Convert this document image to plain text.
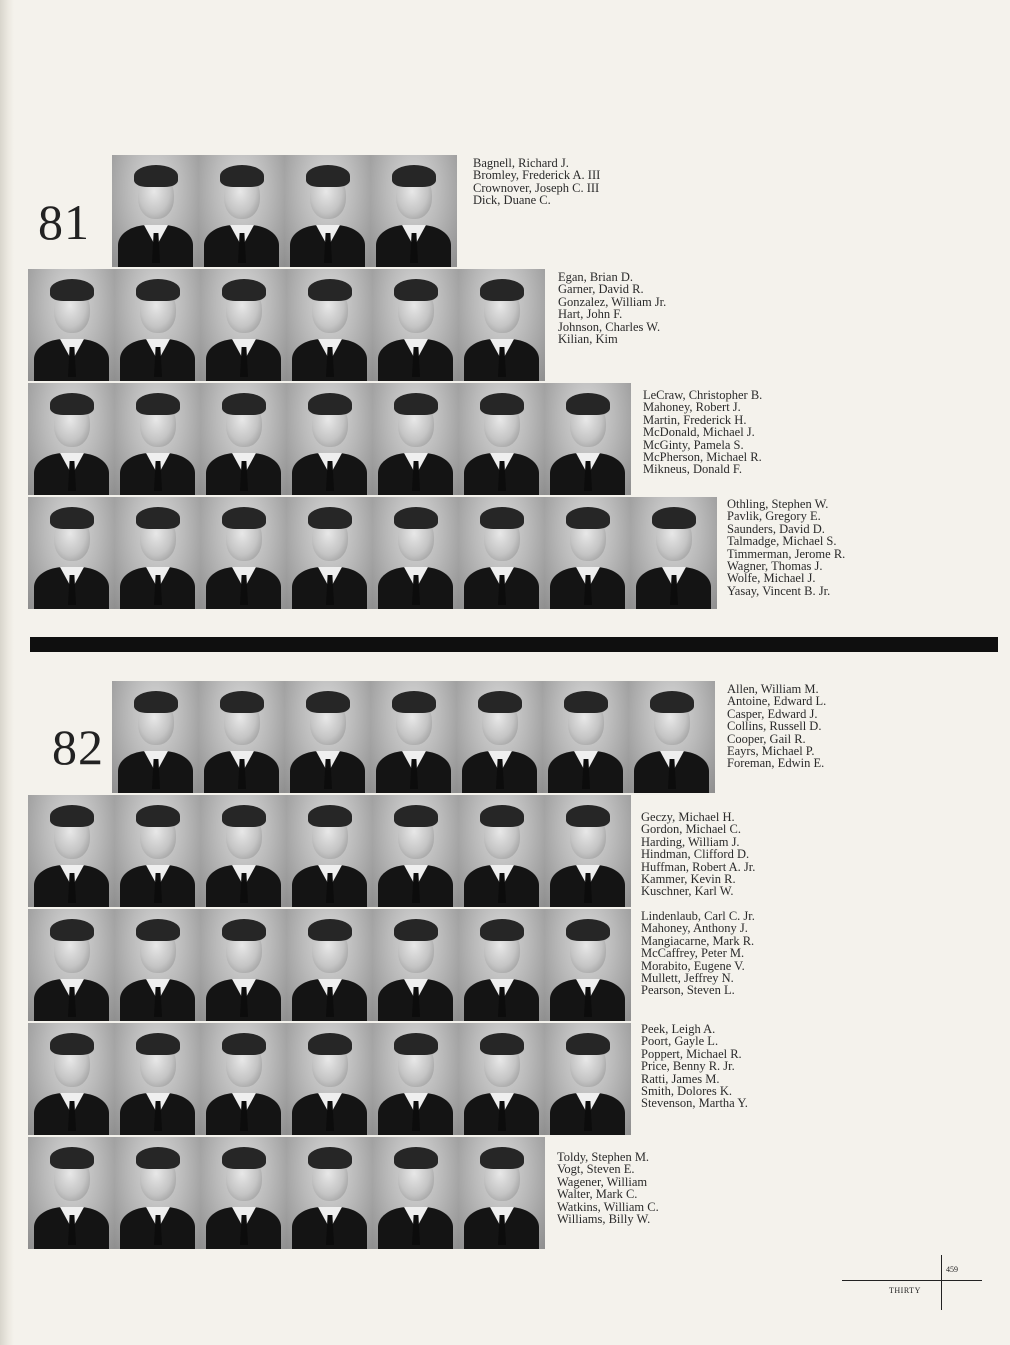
81
Bagnell, Richard J.
Bromley, Frederick A. III
Crownover, Joseph C. III
Dick, Duane C.
Egan, Brian D.
Garner, David R.
Gonzalez, William Jr.
Hart, John F.
Johnson, Charles W.
Kilian, Kim
LeCraw, Christopher B.
Mahoney, Robert J.
Martin, Frederick H.
McDonald, Michael J.
McGinty, Pamela S.
McPherson, Michael R.
Mikneus, Donald F.
Othling, Stephen W.
Pavlik, Gregory E.
Saunders, David D.
Talmadge, Michael S.
Timmerman, Jerome R.
Wagner, Thomas J.
Wolfe, Michael J.
Yasay, Vincent B. Jr.
82
Allen, William M.
Antoine, Edward L.
Casper, Edward J.
Collins, Russell D.
Cooper, Gail R.
Eayrs, Michael P.
Foreman, Edwin E.
Geczy, Michael H.
Gordon, Michael C.
Harding, William J.
Hindman, Clifford D.
Huffman, Robert A. Jr.
Kammer, Kevin R.
Kuschner, Karl W.
Lindenlaub, Carl C. Jr.
Mahoney, Anthony J.
Mangiacarne, Mark R.
McCaffrey, Peter M.
Morabito, Eugene V.
Mullett, Jeffrey N.
Pearson, Steven L.
Peek, Leigh A.
Poort, Gayle L.
Poppert, Michael R.
Price, Benny R. Jr.
Ratti, James M.
Smith, Dolores K.
Stevenson, Martha Y.
Toldy, Stephen M.
Vogt, Steven E.
Wagener, William
Walter, Mark C.
Watkins, William C.
Williams, Billy W.
459
THIRTY
